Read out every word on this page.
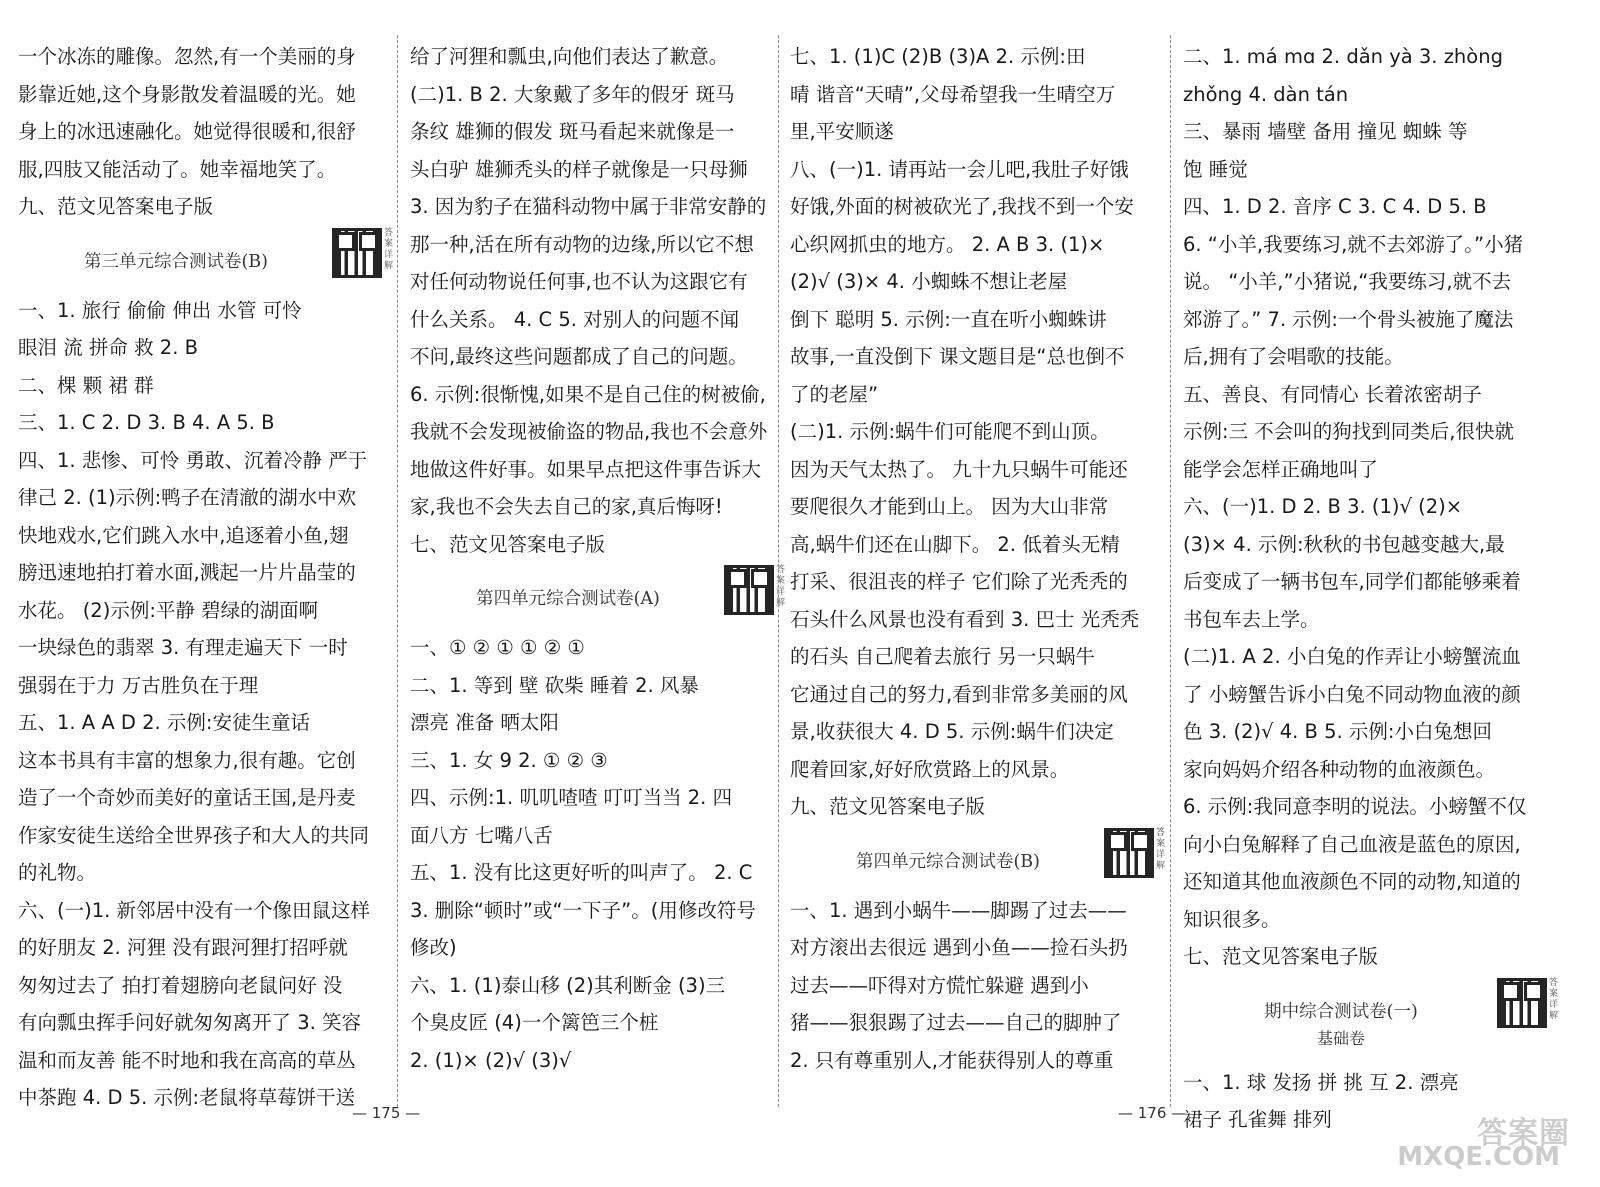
一个冰冻的雕像。忽然,有一个美丽的身
影靠近她,这个身影散发着温暖的光。她
身上的冰迅速融化。她觉得很暖和,很舒
服,四肢又能活动了。她幸福地笑了。
九、范文见答案电子版
第三单元综合测试卷(B)
答案详解
一、1. 旅行 偷偷 伸出 水管 可怜
眼泪 流 拼命 救 2. B
二、棵 颗 裙 群
三、1. C 2. D 3. B 4. A 5. B
四、1. 悲惨、可怜 勇敢、沉着冷静 严于
律己 2. (1)示例:鸭子在清澈的湖水中欢
快地戏水,它们跳入水中,追逐着小鱼,翅
膀迅速地拍打着水面,溅起一片片晶莹的
水花。 (2)示例:平静 碧绿的湖面啊
一块绿色的翡翠 3. 有理走遍天下 一时
强弱在于力 万古胜负在于理
五、1. A A D 2. 示例:安徒生童话
这本书具有丰富的想象力,很有趣。它创
造了一个奇妙而美好的童话王国,是丹麦
作家安徒生送给全世界孩子和大人的共同
的礼物。
六、(一)1. 新邻居中没有一个像田鼠这样
的好朋友 2. 河狸 没有跟河狸打招呼就
匆匆过去了 拍打着翅膀向老鼠问好 没
有向瓢虫挥手问好就匆匆离开了 3. 笑容
温和而友善 能不时地和我在高高的草丛
中茶跑 4. D 5. 示例:老鼠将草莓饼干送
给了河狸和瓢虫,向他们表达了歉意。
(二)1. B 2. 大象戴了多年的假牙 斑马
条纹 雄狮的假发 斑马看起来就像是一
头白驴 雄狮秃头的样子就像是一只母狮
3. 因为豹子在猫科动物中属于非常安静的
那一种,活在所有动物的边缘,所以它不想
对任何动物说任何事,也不认为这跟它有
什么关系。 4. C 5. 对别人的问题不闻
不问,最终这些问题都成了自己的问题。
6. 示例:很惭愧,如果不是自己住的树被偷,
我就不会发现被偷盗的物品,我也不会意外
地做这件好事。如果早点把这件事告诉大
家,我也不会失去自己的家,真后悔呀!
七、范文见答案电子版
第四单元综合测试卷(A)
答案详解
一、① ② ① ① ② ①
二、1. 等到 壁 砍柴 睡着 2. 风暴
漂亮 准备 晒太阳
三、1. 女 9 2. ① ② ③
四、示例:1. 叽叽喳喳 叮叮当当 2. 四
面八方 七嘴八舌
五、1. 没有比这更好听的叫声了。 2. C
3. 删除“顿时”或“一下子”。(用修改符号
修改)
六、1. (1)泰山移 (2)其利断金 (3)三
个臭皮匠 (4)一个篱笆三个桩
2. (1)× (2)√ (3)√
七、1. (1)C (2)B (3)A 2. 示例:田
晴 谐音“天晴”,父母希望我一生晴空万
里,平安顺遂
八、(一)1. 请再站一会儿吧,我肚子好饿
好饿,外面的树被砍光了,我找不到一个安
心织网抓虫的地方。 2. A B 3. (1)×
(2)√ (3)× 4. 小蜘蛛不想让老屋
倒下 聪明 5. 示例:一直在听小蜘蛛讲
故事,一直没倒下 课文题目是“总也倒不
了的老屋”
(二)1. 示例:蜗牛们可能爬不到山顶。
因为天气太热了。 九十九只蜗牛可能还
要爬很久才能到山上。 因为大山非常
高,蜗牛们还在山脚下。 2. 低着头无精
打采、很沮丧的样子 它们除了光秃秃的
石头什么风景也没有看到 3. 巴士 光秃秃
的石头 自己爬着去旅行 另一只蜗牛
它通过自己的努力,看到非常多美丽的风
景,收获很大 4. D 5. 示例:蜗牛们决定
爬着回家,好好欣赏路上的风景。
九、范文见答案电子版
第四单元综合测试卷(B)
答案详解
一、1. 遇到小蜗牛——脚踢了过去——
对方滚出去很远 遇到小鱼——捡石头扔
过去——吓得对方慌忙躲避 遇到小
猪——狠狠踢了过去——自己的脚肿了
2. 只有尊重别人,才能获得别人的尊重
二、1. má mɑ 2. dǎn yà 3. zhòng
zhǒng 4. dàn tán
三、暴雨 墙壁 备用 撞见 蜘蛛 等
饱 睡觉
四、1. D 2. 音序 C 3. C 4. D 5. B
6. “小羊,我要练习,就不去郊游了。”小猪
说。 “小羊,”小猪说,“我要练习,就不去
郊游了。” 7. 示例:一个骨头被施了魔法
后,拥有了会唱歌的技能。
五、善良、有同情心 长着浓密胡子
示例:三 不会叫的狗找到同类后,很快就
能学会怎样正确地叫了
六、(一)1. D 2. B 3. (1)√ (2)×
(3)× 4. 示例:秋秋的书包越变越大,最
后变成了一辆书包车,同学们都能够乘着
书包车去上学。
(二)1. A 2. 小白兔的作弄让小螃蟹流血
了 小螃蟹告诉小白兔不同动物血液的颜
色 3. (2)√ 4. B 5. 示例:小白兔想回
家向妈妈介绍各种动物的血液颜色。
6. 示例:我同意李明的说法。小螃蟹不仅
向小白兔解释了自己血液是蓝色的原因,
还知道其他血液颜色不同的动物,知道的
知识很多。
七、范文见答案电子版
期中综合测试卷(一)
基础卷
答案详解
一、1. 球 发扬 拼 挑 互 2. 漂亮
裙子 孔雀舞 排列
— 175 —	— 176 —
答案圈
MXQE.COM
